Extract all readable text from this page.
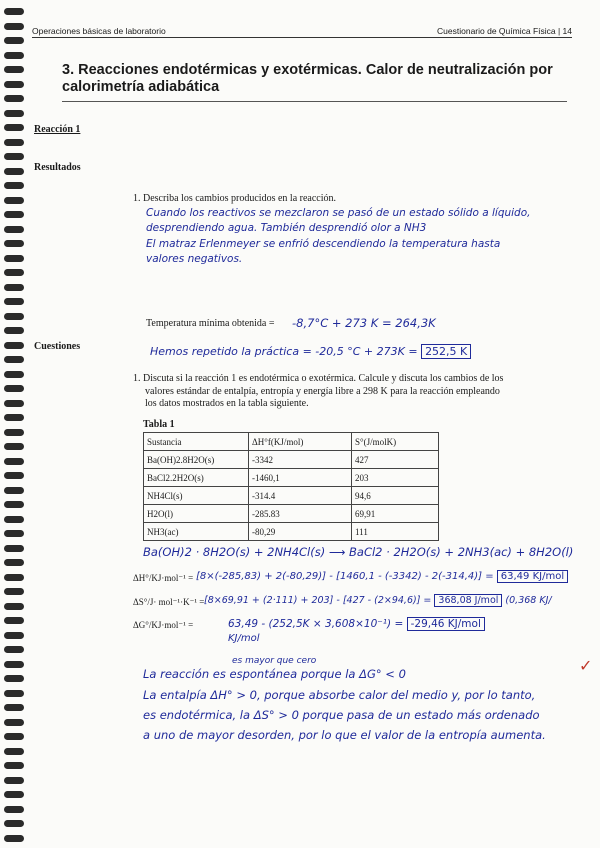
Operaciones básicas de laboratorio	Cuestionario de Química Física | 14
3. Reacciones endotérmicas y exotérmicas. Calor de neutralización por
calorimetría adiabática
Reacción 1
Resultados
Cuestiones
1. Describa los cambios producidos en la reacción.
Cuando los reactivos se mezclaron se pasó de un estado sólido a líquido,
desprendiendo agua. También desprendió olor a NH3
El matraz Erlenmeyer se enfrió descendiendo la temperatura hasta
valores negativos.
Temperatura mínima obtenida = -8,7°C + 273 K = 264,3K
Hemos repetido la práctica = -20,5 °C + 273K = 252,5 K
1. Discuta si la reacción 1 es endotérmica o exotérmica. Calcule y discuta los cambios de los
valores estándar de entalpía, entropía y energía libre a 298 K para la reacción empleando
los datos mostrados en la tabla siguiente.
Tabla 1
Sustancia	ΔH°f(KJ/mol)	S°(J/molK)
Ba(OH)2.8H2O(s)	-3342	427
BaCl2.2H2O(s)	-1460,1	203
NH4Cl(s)	-314.4	94,6
H2O(l)	-285.83	69,91
NH3(ac)	-80,29	111
Ba(OH)2 · 8H2O(s) + 2NH4Cl(s) ⟶ BaCl2 · 2H2O(s) + 2NH3(ac) + 8H2O(l)
ΔH°/KJ·mol⁻¹ = [8×(-285,83) + 2(-80,29)] - [1460,1 - (-3342) - 2(-314,4)] = 63,49 KJ/mol
ΔS°/J· mol⁻¹·K⁻¹ = [8×69,91 + (2·111) + 203] - [427 - (2×94,6)] = 368,08 J/mol (0,368 KJ/
ΔG°/KJ·mol⁻¹ =	63,49 - (252,5K × 3,608×10⁻¹) = -29,46 KJ/mol
KJ/mol
es mayor que cero
La reacción es espontánea porque la ΔG° < 0
La entalpía ΔH° > 0, porque absorbe calor del medio y, por lo tanto,
es endotérmica, la ΔS° > 0 porque pasa de un estado más ordenado
a uno de mayor desorden, por lo que el valor de la entropía aumenta.
✓
